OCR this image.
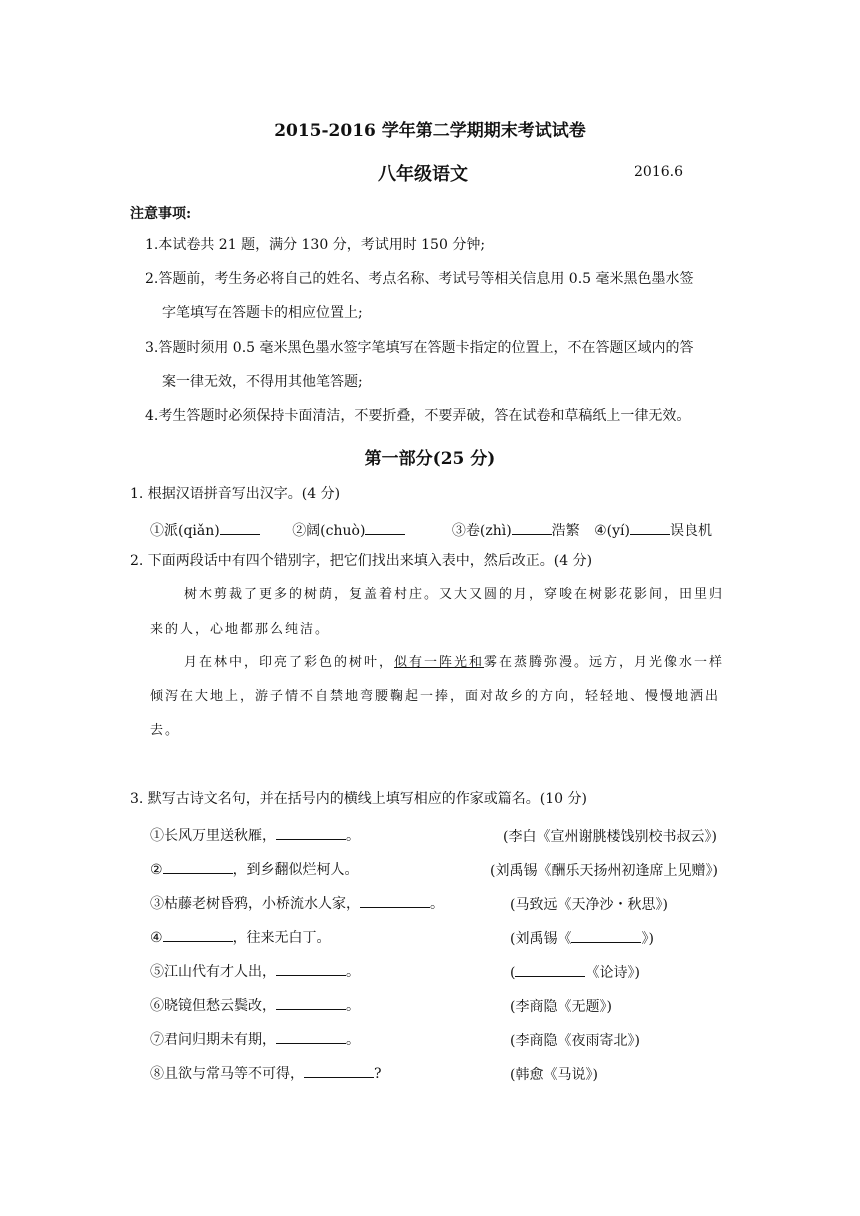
2015-2016 学年第二学期期末考试试卷
八年级语文	2016.6
注意事项:
1.本试卷共 21 题，满分 130 分，考试用时 150 分钟;
2.答题前，考生务必将自己的姓名、考点名称、考试号等相关信息用 0.5 毫米黑色墨水签
字笔填写在答题卡的相应位置上;
3.答题时须用 0.5 毫米黑色墨水签字笔填写在答题卡指定的位置上，不在答题区域内的答
案一律无效，不得用其他笔答题;
4.考生答题时必须保持卡面清洁，不要折叠，不要弄破，答在试卷和草稿纸上一律无效。
第一部分(25 分)
1. 根据汉语拼音写出汉字。(4 分)
①派(qiǎn)	②阔(chuò)	③卷(zhì)	浩繁 ④(yí)	误良机
2. 下面两段话中有四个错别字，把它们找出来填入表中，然后改正。(4 分)
树木剪裁了更多的树荫，复盖着村庄。又大又圆的月，穿唆在树影花影间，田里归
来的人，心地都那么纯洁。
月在林中，印亮了彩色的树叶，似有一阵光和雾在蒸腾弥漫。远方，月光像水一样
倾泻在大地上，游子情不自禁地弯腰鞠起一捧，面对故乡的方向，轻轻地、慢慢地洒出
去。
3. 默写古诗文名句，并在括号内的横线上填写相应的作家或篇名。(10 分)
①长风万里送秋雁，	。	(李白《宣州谢朓楼饯别校书叔云》)
②	，到乡翻似烂柯人。	(刘禹锡《酬乐天扬州初逢席上见赠》)
③枯藤老树昏鸦，小桥流水人家，	。	(马致远《天净沙・秋思》)
④	，往来无白丁。	(刘禹锡《	》)
⑤江山代有才人出，	。	(	《论诗》)
⑥晓镜但愁云鬓改，	。	(李商隐《无题》)
⑦君问归期未有期，	。	(李商隐《夜雨寄北》)
⑧且欲与常马等不可得，	?	(韩愈《马说》)
